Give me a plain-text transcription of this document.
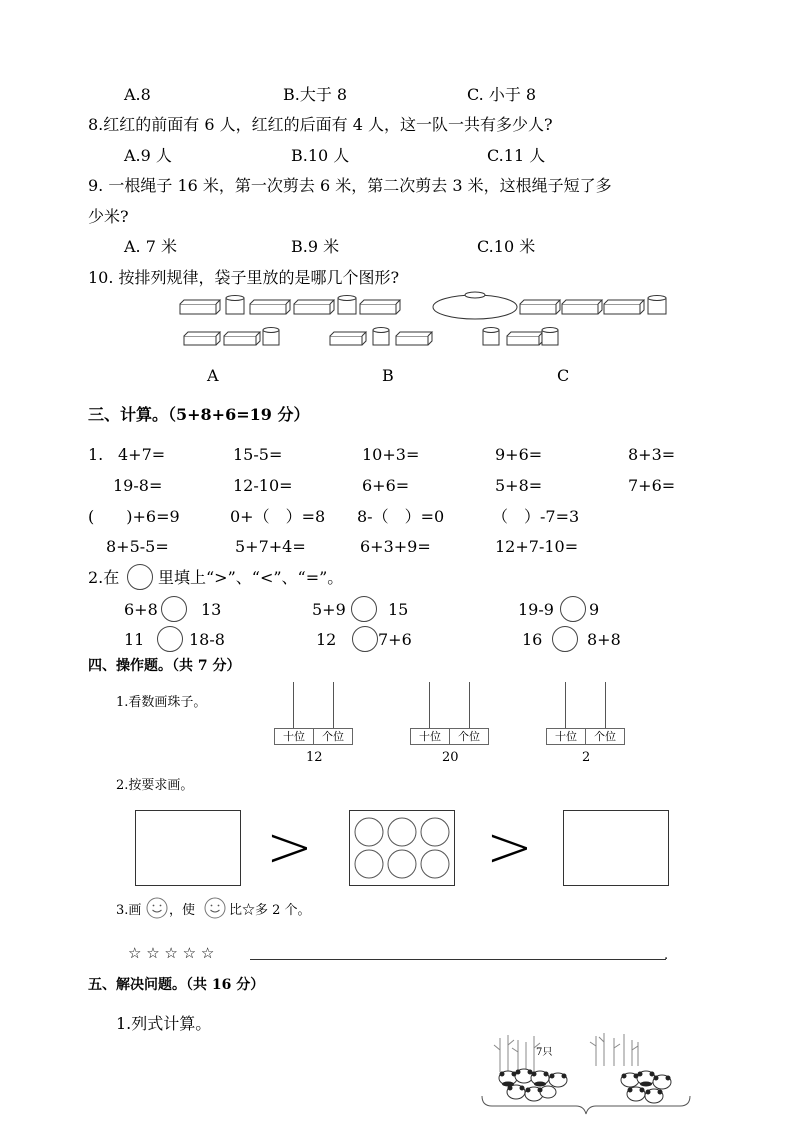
A.8	B.大于 8	C. 小于 8
8.红红的前面有 6 人，红红的后面有 4 人，这一队一共有多少人?
A.9 人	B.10 人	C.11 人
9. 一根绳子 16 米，第一次剪去 6 米，第二次剪去 3 米，这根绳子短了多
少米?
A. 7 米	B.9 米	C.10 米
10. 按排列规律，袋子里放的是哪几个图形?
A	B	C
三、计算。（5+8+6=19 分）
1. 4+7=	15-5=	10+3=	9+6=	8+3=
19-8=	12-10=	6+6=	5+8=	7+6=
(　　)+6=9	0+（　）=8 8-（　）=0	（　）-7=3
8+5-5=	5+7+4=	6+3+9=	12+7-10=
2.在 里填上“>”、“<”、“=”。
6+8	13	5+9	15	19-9 9
11	18-8	12	7+6	16	8+8
四、操作题。（共 7 分）
1.看数画珠子。
十位	个位
12
十位	个位
20
十位	个位
2
2.按要求画。
>	>
3.画 ，使	比☆多 2 个。
☆ ☆ ☆ ☆ ☆	.
五、解决问题。（共 16 分）
1.列式计算。
7只
